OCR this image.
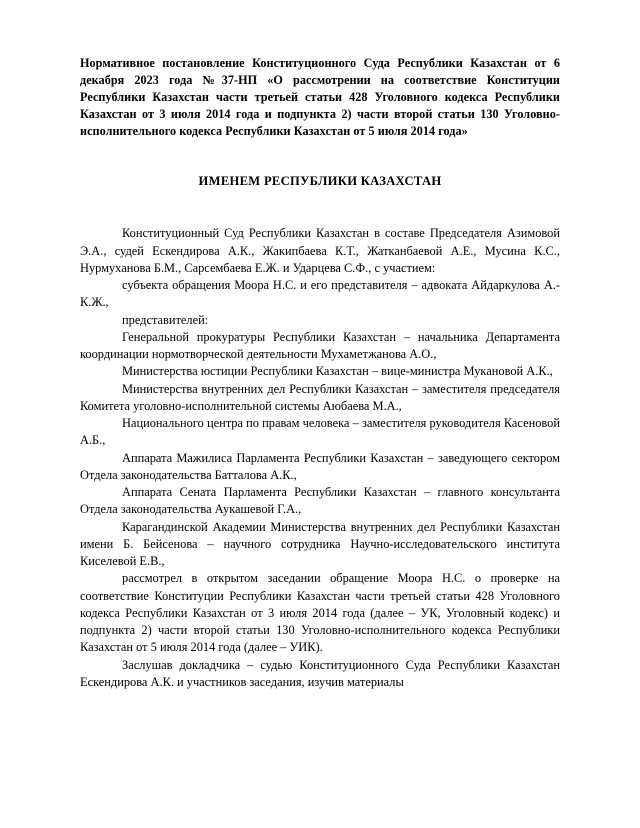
Нормативное постановление Конституционного Суда Республики Казахстан от 6 декабря 2023 года №37-НП «О рассмотрении на соответствие Конституции Республики Казахстан части третьей статьи 428 Уголовного кодекса Республики Казахстан от 3 июля 2014 года и подпункта 2) части второй статьи 130 Уголовно-исполнительного кодекса Республики Казахстан от 5 июля 2014 года»
ИМЕНЕМ РЕСПУБЛИКИ КАЗАХСТАН

Конституционный Суд Республики Казахстан в составе Председателя Азимовой Э.А., судей Ескендирова А.К., Жакипбаева К.Т., Жатканбаевой А.Е., Мусина К.С., Нурмуханова Б.М., Сарсембаева Е.Ж. и Ударцева С.Ф., с участием:

субъекта обращения Моора Н.С. и его представителя – адвоката Айдаркулова А.-К.Ж.,

представителей:

Генеральной прокуратуры Республики Казахстан – начальника Департамента координации нормотворческой деятельности Мухаметжанова А.О.,

Министерства юстиции Республики Казахстан – вице-министра Мукановой А.К.,

Министерства внутренних дел Республики Казахстан – заместителя председателя Комитета уголовно-исполнительной системы Аюбаева М.А.,

Национального центра по правам человека – заместителя руководителя Касеновой А.Б.,

Аппарата Мажилиса Парламента Республики Казахстан – заведующего сектором Отдела законодательства Батталова А.К.,

Аппарата Сената Парламента Республики Казахстан – главного консультанта Отдела законодательства Аукашевой Г.А.,

Карагандинской Академии Министерства внутренних дел Республики Казахстан имени Б. Бейсенова – научного сотрудника Научно-исследовательского института Киселевой Е.В.,

рассмотрел в открытом заседании обращение Моора Н.С. о проверке на соответствие Конституции Республики Казахстан части третьей статьи 428 Уголовного кодекса Республики Казахстан от 3 июля 2014 года (далее – УК, Уголовный кодекс) и подпункта 2) части второй статьи 130 Уголовно-исполнительного кодекса Республики Казахстан от 5 июля 2014 года (далее – УИК).

Заслушав докладчика – судью Конституционного Суда Республики Казахстан Ескендирова А.К. и участников заседания, изучив материалы
